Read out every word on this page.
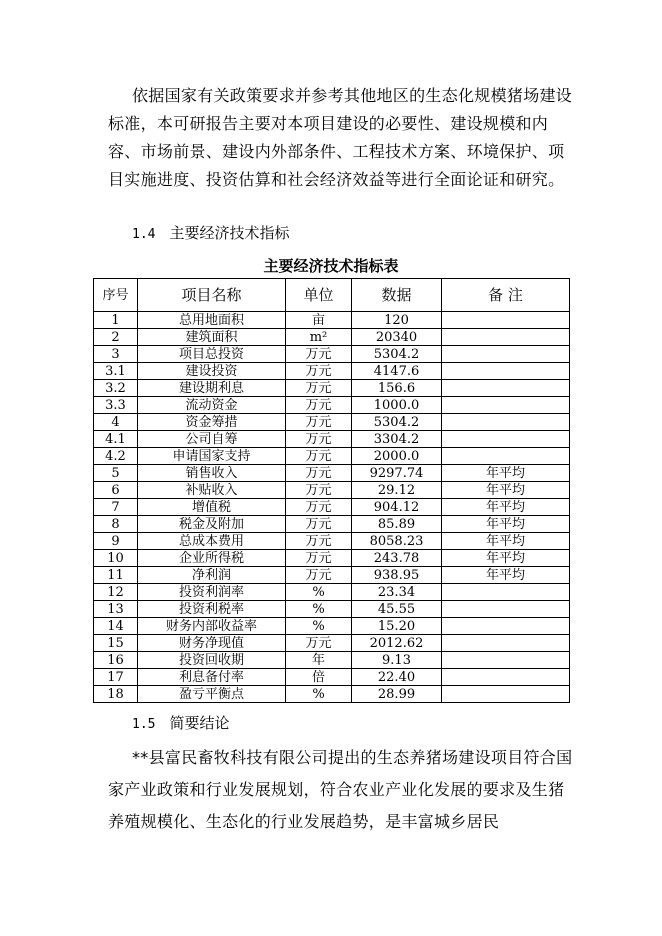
依据国家有关政策要求并参考其他地区的生态化规模猪场建设标准，本可研报告主要对本项目建设的必要性、建设规模和内容、市场前景、建设内外部条件、工程技术方案、环境保护、项目实施进度、投资估算和社会经济效益等进行全面论证和研究。

1.4 主要经济技术指标

主要经济技术指标表

序号	项目名称	单位	数据	备 注
1	总用地面积	亩	120	
2	建筑面积	m²	20340	
3	项目总投资	万元	5304.2	
3.1	建设投资	万元	4147.6	
3.2	建设期利息	万元	156.6	
3.3	流动资金	万元	1000.0	
4	资金筹措	万元	5304.2	
4.1	公司自筹	万元	3304.2	
4.2	申请国家支持	万元	2000.0	
5	销售收入	万元	9297.74	年平均
6	补贴收入	万元	29.12	年平均
7	增值税	万元	904.12	年平均
8	税金及附加	万元	85.89	年平均
9	总成本费用	万元	8058.23	年平均
10	企业所得税	万元	243.78	年平均
11	净利润	万元	938.95	年平均
12	投资利润率	%	23.34	
13	投资利税率	%	45.55	
14	财务内部收益率	%	15.20	
15	财务净现值	万元	2012.62	
16	投资回收期	年	9.13	
17	利息备付率	倍	22.40	
18	盈亏平衡点	%	28.99	

1.5 简要结论

**县富民畜牧科技有限公司提出的生态养猪场建设项目符合国家产业政策和行业发展规划，符合农业产业化发展的要求及生猪养殖规模化、生态化的行业发展趋势，是丰富城乡居民
